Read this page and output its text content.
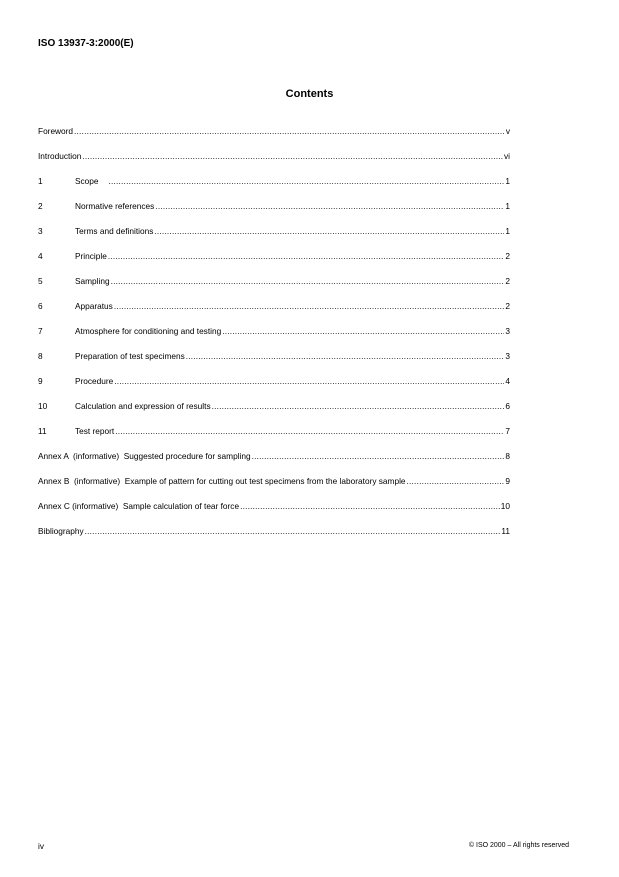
ISO 13937-3:2000(E)
Contents
Foreword .....	v
Introduction .....	vi
1	Scope .....	1
2	Normative references .....	1
3	Terms and definitions .....	1
4	Principle .....	2
5	Sampling .....	2
6	Apparatus .....	2
7	Atmosphere for conditioning and testing .....	3
8	Preparation of test specimens .....	3
9	Procedure .....	4
10	Calculation and expression of results .....	6
11	Test report .....	7
Annex A  (informative)  Suggested procedure for sampling .....	8
Annex B  (informative)  Example of pattern for cutting out test specimens from the laboratory sample .....	9
Annex C (informative)  Sample calculation of tear force .....	10
Bibliography .....	11
iv	© ISO 2000 – All rights reserved
